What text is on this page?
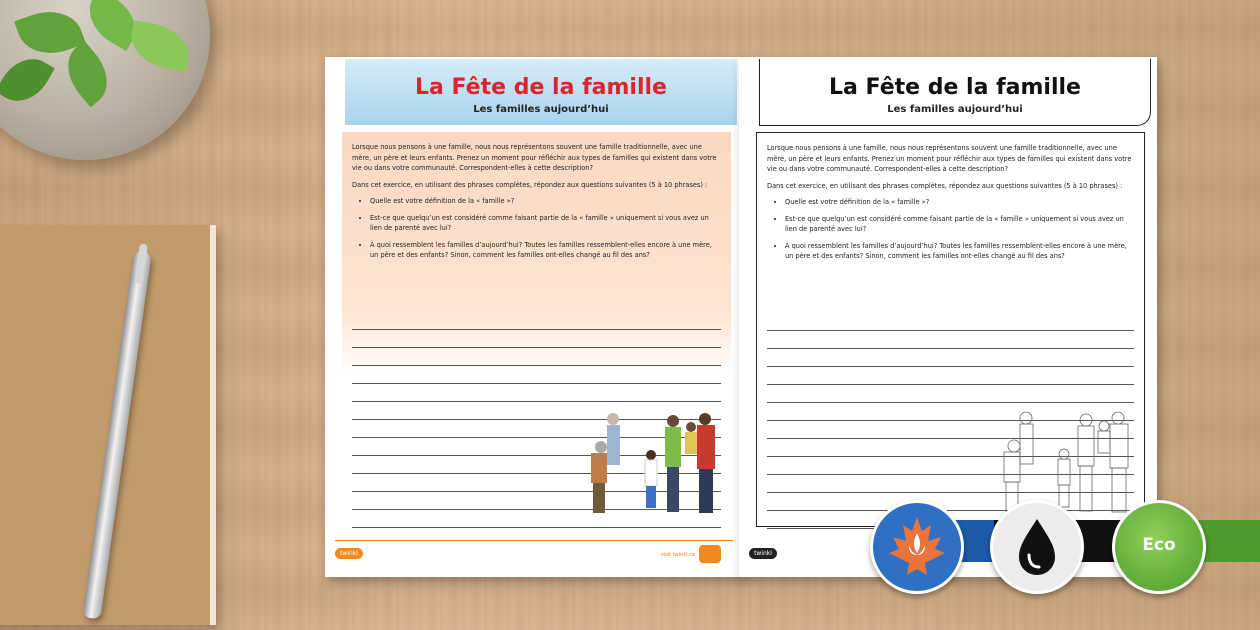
La Fête de la famille
Les familles aujourd’hui

Lorsque nous pensons à une famille, nous nous représentons souvent une famille traditionnelle, avec une mère, un père et leurs enfants. Prenez un moment pour réfléchir aux types de familles qui existent dans votre vie ou dans votre communauté. Correspondent-elles à cette description?

Dans cet exercice, en utilisant des phrases complètes, répondez aux questions suivantes (5 à 10 phrases) :

• Quelle est votre définition de la « famille »?
• Est-ce que quelqu’un est considéré comme faisant partie de la « famille » uniquement si vous avez un lien de parenté avec lui?
• À quoi ressemblent les familles d’aujourd’hui? Toutes les familles ressemblent-elles encore à une mère, un père et des enfants? Sinon, comment les familles ont-elles changé au fil des ans?
twinkl	visit twinkl.ca
La Fête de la famille
Les familles aujourd’hui

Lorsque nous pensons à une famille, nous nous représentons souvent une famille traditionnelle, avec une mère, un père et leurs enfants. Prenez un moment pour réfléchir aux types de familles qui existent dans votre vie ou dans votre communauté. Correspondent-elles à cette description?

Dans cet exercice, en utilisant des phrases complètes, répondez aux questions suivantes (5 à 10 phrases) :

• Quelle est votre définition de la « famille »?
• Est-ce que quelqu’un est considéré comme faisant partie de la « famille » uniquement si vous avez un lien de parenté avec lui?
• À quoi ressemblent les familles d’aujourd’hui? Toutes les familles ressemblent-elles encore à une mère, un père et des enfants? Sinon, comment les familles ont-elles changé au fil des ans?
twinkl	Eco
